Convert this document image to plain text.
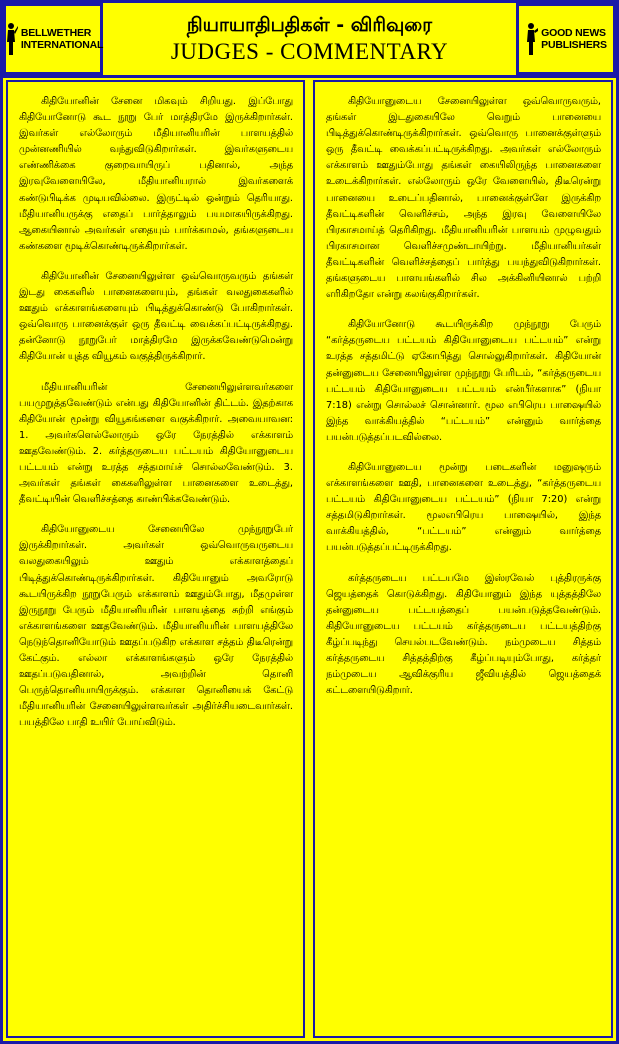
BELLWETHER
INTERNATIONAL
நியாயாதிபதிகள் - விரிவுரை
JUDGES - COMMENTARY
GOOD NEWS
PUBLISHERS

கிதியோனின் சேனை மிகவும் சிறியது. இப்போது கிதியோனோடு கூட நூறு பேர் மாத்திரமே இருக்கிறார்கள். இவர்கள் எல்லோரும் மீதியானியரின் பாளயத்தில் முன்னணியில் வந்துவிடுகிறார்கள். இவர்களுடைய எண்ணிக்கை குறைவாயிருப் பதினால், அந்த இரவுவேளையிலே, மீதியானியரால் இவர்களைக் கண்டுபிடிக்க முடியவில்லை. இருட்டில் ஒன்றும் தெரியாது. மீதியானியருக்கு எதைப் பார்த்தாலும் பயமாகயிருக்கிறது. ஆகையினால் அவர்கள் எதையும் பார்க்காமல், தங்களுடைய கண்களை மூடிக்கொண்டிருக்கிறார்கள்.

கிதியோனின் சேனையிலுள்ள ஒவ்வொருவரும் தங்கள் இடது கைகளில் பானைகளையும், தங்கள் வலதுகைகளில் ஊதும் எக்காளங்களையும் பிடித்துக்கொண்டு போகிறார்கள். ஒவ்வொரு பானைக்குள் ஒரு தீவட்டி வைக்கப்பட்டிருக்கிறது. தன்னோடு நூறுபேர் மாத்திரமே இருக்கவேண்டுமென்று கிதியோன் யுத்த வியூகம் வகுத்திருக்கிறார்.

மீதியானியரின் சேனையிலுள்ளவர்களை பயமுறுத்தவேண்டும் என்பது கிதியோனின் திட்டம். இதற்காக கிதியோன் மூன்று வியூகங்களை வகுக்கிறார். அவையாவன: 1. அவர்களெல்லோரும் ஒரே நேரத்தில் எக்காளம் ஊதவேண்டும். 2. கர்த்தருடைய பட்டயம் கிதியோனுடைய பட்டயம் என்று உரத்த சத்தமாய்ச் சொல்லவேண்டும். 3. அவர்கள் தங்கள் கைகளிலுள்ள பானைகளை உடைத்து, தீவட்டியின் வெளிச்சத்தை காண்பிக்கவேண்டும்.

கிதியோனுடைய சேனையிலே முந்நூறுபேர் இருக்கிறார்கள். அவர்கள் ஒவ்வொருவருடைய வலதுகையிலும் ஊதும் எக்காளத்தைப் பிடித்துக்கொண்டிருக்கிறார்கள். கிதியோனும் அவரோடு கூடயிருக்கிற நூறுபேரும் எக்காளம் ஊதும்போது, மீதமுள்ள இருநூறு பேரும் மீதியானியரின் பாளயத்தை சுற்றி எங்கும் எக்காளங்களை ஊதவேண்டும். மீதியானியரின் பாளயத்திலே நெடுந்தொனியோடும் ஊதப்படுகிற எக்காள சத்தம் திடீரென்று கேட்கும். எல்லா எக்காளங்களும் ஒரே நேரத்தில் ஊதப்படுவதினால், அவற்றின் தொனி பெருந்தொனியாயிருக்கும். எக்காள தொனியைக் கேட்டு மீதியானியரின் சேனையிலுள்ளவர்கள் அதிர்ச்சியடைவார்கள். பயத்திலே பாதி உயிர் போய்விடும்.

கிதியோனுடைய சேனையிலுள்ள ஒவ்வொருவரும், தங்கள் இடதுகையிலே வெறும் பானையை பிடித்துக்கொண்டிருக்கிறார்கள். ஒவ்வொரு பானைக்குள்ளும் ஒரு தீவட்டி வைக்கப்பட்டிருக்கிறது. அவர்கள் எல்லோரும் எக்காளம் ஊதும்போது தங்கள் கையிலிருந்த பானைகளை உடைக்கிறார்கள். எல்லோரும் ஒரே வேளையில், திடீரென்று பானையை உடைப்பதினால், பானைக்குள்ளே இருக்கிற தீவட்டிகளின் வெளிச்சம், அந்த இரவு வேளையிலே பிரகாசமாய்த் தெரிகிறது. மீதியானியரின் பாளயம் முழுவதும் பிரகாசமான வெளிச்சமுண்டாயிற்று. மீதியானியர்கள் தீவட்டிகளின் வெளிச்சத்தைப் பார்த்து பயந்துவிடுகிறார்கள். தங்களுடைய பாளயங்களில் சில அக்கினியினால் பற்றி எரிகிறதோ என்று கலங்குகிறார்கள்.

கிதியோனோடு கூடயிருக்கிற முந்நூறு பேரும் “கர்த்தருடைய பட்டயம் கிதியோனுடைய பட்டயம்” என்று உரத்த சத்தமிட்டு ஏகோபித்து சொல்லுகிறார்கள். கிதியோன் தன்னுடைய சேனையிலுள்ள முந்நூறு பேரிடம், “கர்த்தருடைய பட்டயம் கிதியோனுடைய பட்டயம் என்பீர்களாக” (நியா 7:18) என்று சொல்லச் சொன்னார். மூல எபிரெய பாஷையில் இந்த வாக்கியத்தில் “பட்டயம்” என்னும் வார்த்தை பயன்படுத்தப்படவில்லை.

கிதியோனுடைய மூன்று படைகளின் மனுஷரும் எக்காளங்களை ஊதி, பானைகளை உடைத்து, “கர்த்தருடைய பட்டயம் கிதியோனுடைய பட்டயம்” (நியா 7:20) என்று சத்தமிடுகிறார்கள். மூலஎபிரெய பாஷையில், இந்த வாக்கியத்தில், “பட்டயம்” என்னும் வார்த்தை பயன்படுத்தப்பட்டிருக்கிறது.

கர்த்தருடைய பட்டயமே இஸ்ரவேல் புத்திரருக்கு ஜெயத்தைக் கொடுக்கிறது. கிதியோனும் இந்த யுத்தத்திலே தன்னுடைய பட்டயத்தைப் பயன்படுத்தவேண்டும். கிதியோனுடைய பட்டயம் கர்த்தருடைய பட்டயத்திற்கு கீழ்ப்படிந்து செயல்படவேண்டும். நம்முடைய சித்தம் கர்த்தருடைய சித்தத்திற்கு கீழ்ப்படியும்போது, கர்த்தர் நம்முடைய ஆவிக்குரிய ஜீவியத்தில் ஜெயத்தைக் கட்டளையிடுகிறார்.
